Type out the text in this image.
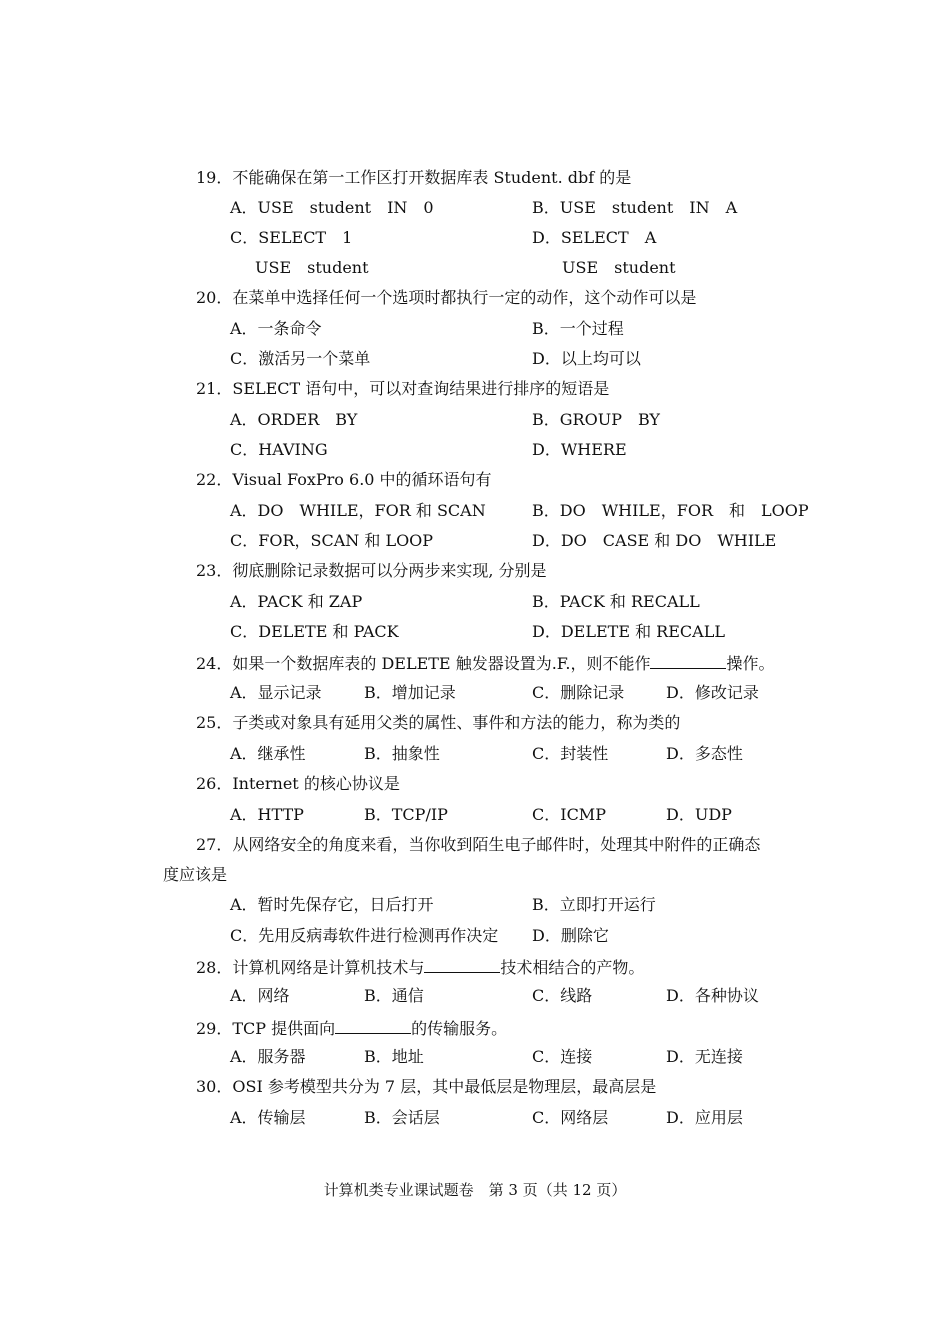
19．不能确保在第一工作区打开数据库表 Student. dbf 的是
A．USE　student　IN　0	B．USE　student　IN　A
C．SELECT　1	D．SELECT　A
USE　student	USE　student
20．在菜单中选择任何一个选项时都执行一定的动作，这个动作可以是
A．一条命令	B．一个过程
C．激活另一个菜单	D．以上均可以
21．SELECT 语句中，可以对查询结果进行排序的短语是
A．ORDER　BY	B．GROUP　BY
C．HAVING	D．WHERE
22．Visual FoxPro 6.0 中的循环语句有
A．DO　WHILE，FOR 和 SCAN	B．DO　WHILE，FOR　和　LOOP
C．FOR，SCAN 和 LOOP	D．DO　CASE 和 DO　WHILE
23．彻底删除记录数据可以分两步来实现, 分别是
A．PACK 和 ZAP	B．PACK 和 RECALL
C．DELETE 和 PACK	D．DELETE 和 RECALL
24．如果一个数据库表的 DELETE 触发器设置为.F.，则不能作	操作。
A．显示记录	B．增加记录	C．删除记录	D．修改记录
25．子类或对象具有延用父类的属性、事件和方法的能力，称为类的
A．继承性	B．抽象性	C．封装性	D．多态性
26．Internet 的核心协议是
A．HTTP	B．TCP/IP	C．ICMP	D．UDP
27．从网络安全的角度来看，当你收到陌生电子邮件时，处理其中附件的正确态
度应该是
A．暂时先保存它，日后打开	B．立即打开运行
C．先用反病毒软件进行检测再作决定 D．删除它
28．计算机网络是计算机技术与	技术相结合的产物。
A．网络	B．通信	C．线路	D．各种协议
29．TCP 提供面向	的传输服务。
A．服务器	B．地址	C．连接	D．无连接
30．OSI 参考模型共分为 7 层，其中最低层是物理层，最高层是
A．传输层	B．会话层	C．网络层	D．应用层
计算机类专业课试题卷　第 3 页（共 12 页）
